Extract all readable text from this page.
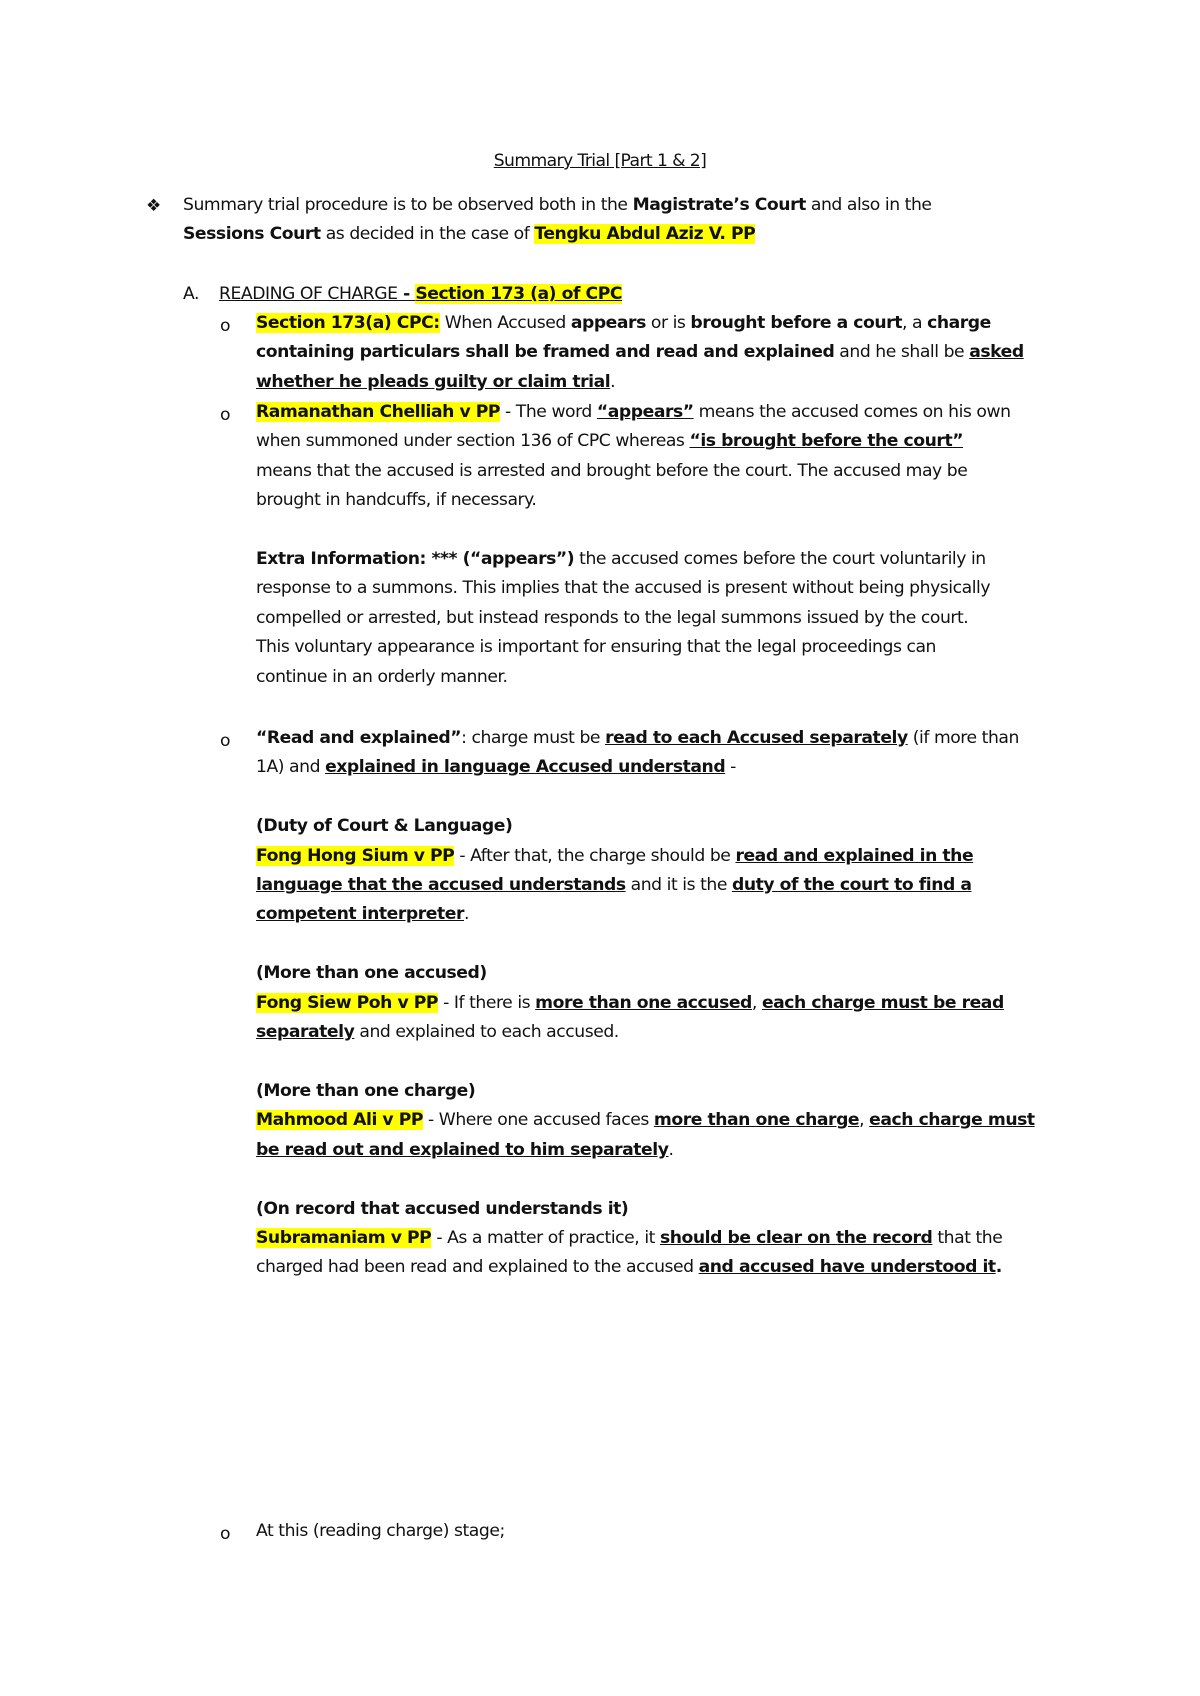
Summary Trial [Part 1 & 2]
❖ Summary trial procedure is to be observed both in the Magistrate’s Court and also in the
Sessions Court as decided in the case of Tengku Abdul Aziz V. PP
A. READING OF CHARGE - Section 173 (a) of CPC
o Section 173(a) CPC: When Accused appears or is brought before a court, a charge
containing particulars shall be framed and read and explained and he shall be asked
whether he pleads guilty or claim trial.
o Ramanathan Chelliah v PP - The word “appears” means the accused comes on his own
when summoned under section 136 of CPC whereas “is brought before the court”
means that the accused is arrested and brought before the court. The accused may be
brought in handcuffs, if necessary.

Extra Information: *** (“appears”) the accused comes before the court voluntarily in
response to a summons. This implies that the accused is present without being physically
compelled or arrested, but instead responds to the legal summons issued by the court.
This voluntary appearance is important for ensuring that the legal proceedings can
continue in an orderly manner.
o “Read and explained”: charge must be read to each Accused separately (if more than
1A) and explained in language Accused understand -

(Duty of Court & Language)
Fong Hong Sium v PP - After that, the charge should be read and explained in the
language that the accused understands and it is the duty of the court to find a
competent interpreter.

(More than one accused)
Fong Siew Poh v PP - If there is more than one accused, each charge must be read
separately and explained to each accused.

(More than one charge)
Mahmood Ali v PP - Where one accused faces more than one charge, each charge must
be read out and explained to him separately.

(On record that accused understands it)
Subramaniam v PP - As a matter of practice, it should be clear on the record that the
charged had been read and explained to the accused and accused have understood it.
o At this (reading charge) stage;
